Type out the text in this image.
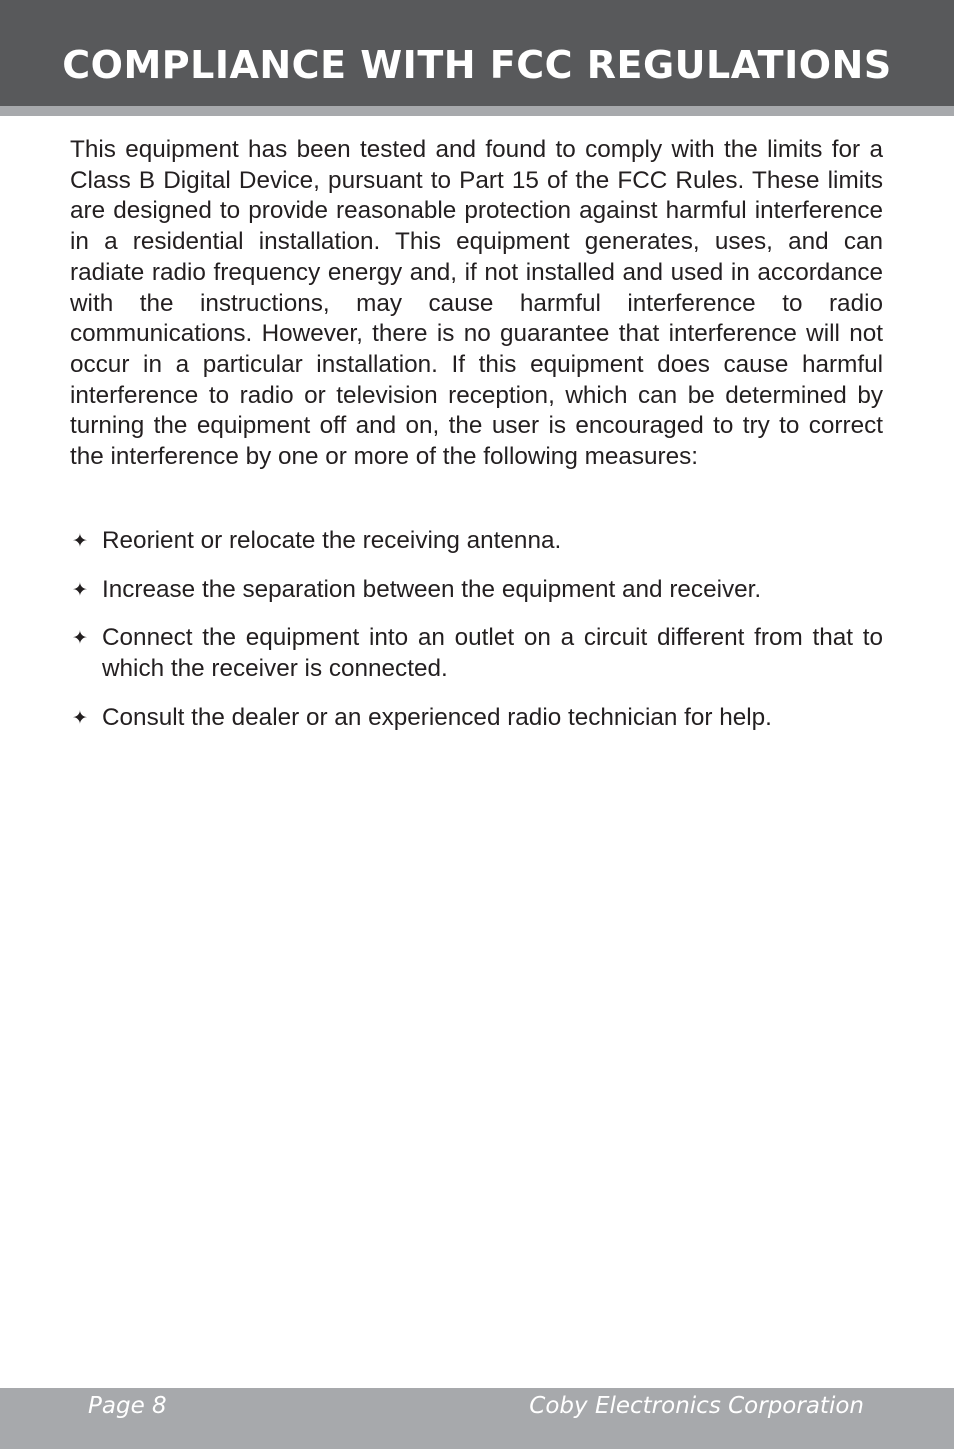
COMPLIANCE WITH FCC REGULATIONS

This equipment has been tested and found to comply with the limits for a Class B Digital Device, pursuant to Part 15 of the FCC Rules. These limits are designed to provide reasonable protection against harmful interference in a residential installation. This equipment generates, uses, and can radiate radio frequency energy and, if not installed and used in accordance with the instructions, may cause harmful interference to radio communications. However, there is no guarantee that interference will not occur in a particular installation. If this equipment does cause harmful interference to radio or television reception, which can be determined by turning the equipment off and on, the user is encouraged to try to correct the interference by one or more of the following measures:

✦ Reorient or relocate the receiving antenna.
✦ Increase the separation between the equipment and receiver.
✦ Connect the equipment into an outlet on a circuit different from that to which the receiver is connected.
✦ Consult the dealer or an experienced radio technician for help.
Page 8	Coby Electronics Corporation
